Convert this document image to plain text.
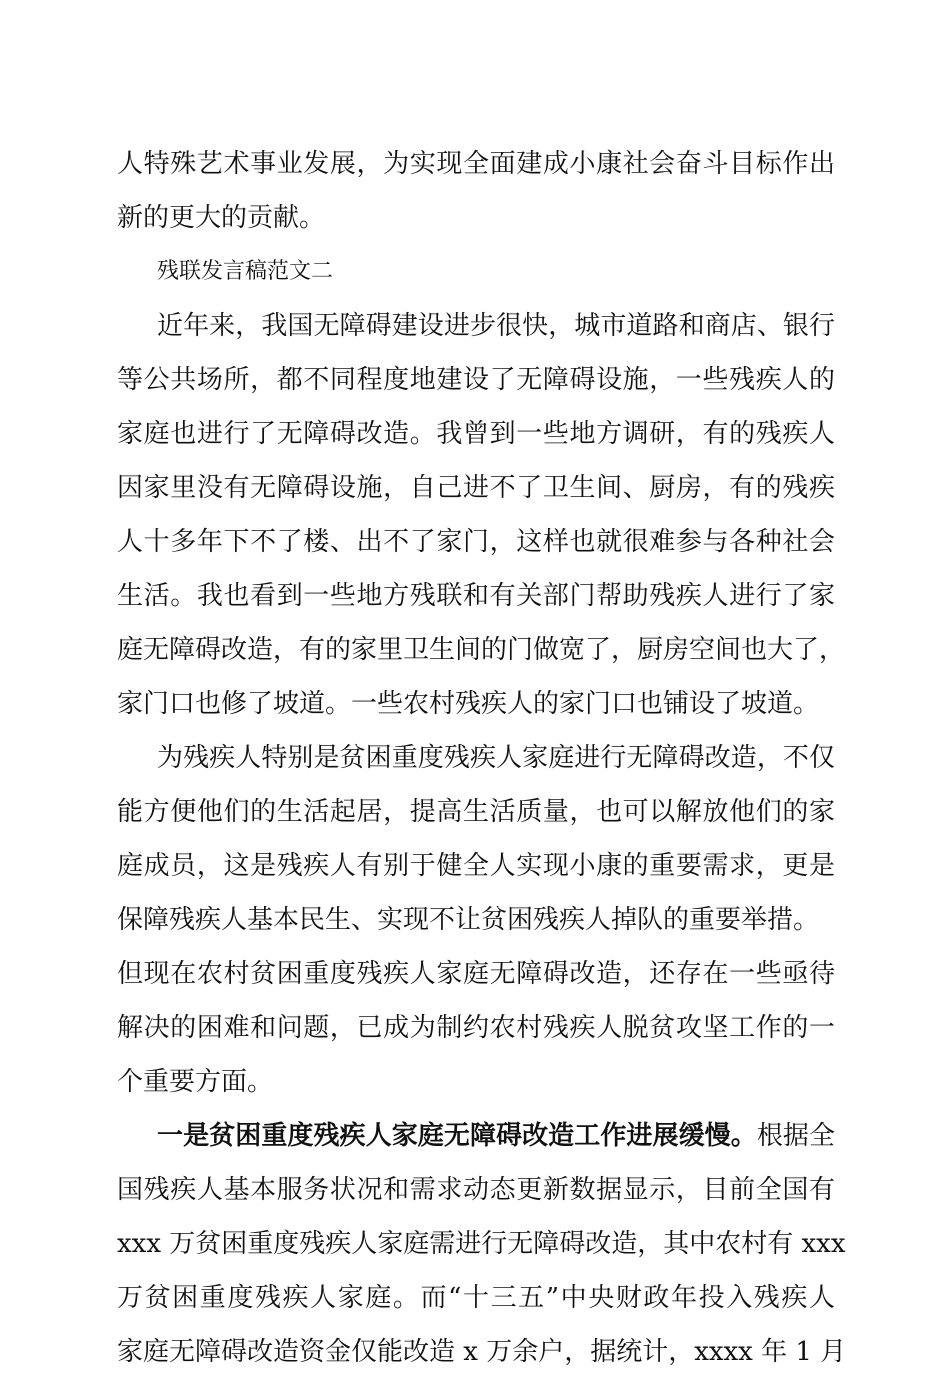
人特殊艺术事业发展，为实现全面建成小康社会奋斗目标作出
新的更大的贡献。
残联发言稿范文二
近年来，我国无障碍建设进步很快，城市道路和商店、银行
等公共场所，都不同程度地建设了无障碍设施，一些残疾人的
家庭也进行了无障碍改造。我曾到一些地方调研，有的残疾人
因家里没有无障碍设施，自己进不了卫生间、厨房，有的残疾
人十多年下不了楼、出不了家门，这样也就很难参与各种社会
生活。我也看到一些地方残联和有关部门帮助残疾人进行了家
庭无障碍改造，有的家里卫生间的门做宽了，厨房空间也大了，
家门口也修了坡道。一些农村残疾人的家门口也铺设了坡道。
为残疾人特别是贫困重度残疾人家庭进行无障碍改造，不仅
能方便他们的生活起居，提高生活质量，也可以解放他们的家
庭成员，这是残疾人有别于健全人实现小康的重要需求，更是
保障残疾人基本民生、实现不让贫困残疾人掉队的重要举措。
但现在农村贫困重度残疾人家庭无障碍改造，还存在一些亟待
解决的困难和问题，已成为制约农村残疾人脱贫攻坚工作的一
个重要方面。
一是贫困重度残疾人家庭无障碍改造工作进展缓慢。根据全
国残疾人基本服务状况和需求动态更新数据显示，目前全国有
xxx 万贫困重度残疾人家庭需进行无障碍改造，其中农村有 xxx
万贫困重度残疾人家庭。而“十三五”中央财政年投入残疾人
家庭无障碍改造资金仅能改造 x 万余户，据统计，xxxx 年 1 月
